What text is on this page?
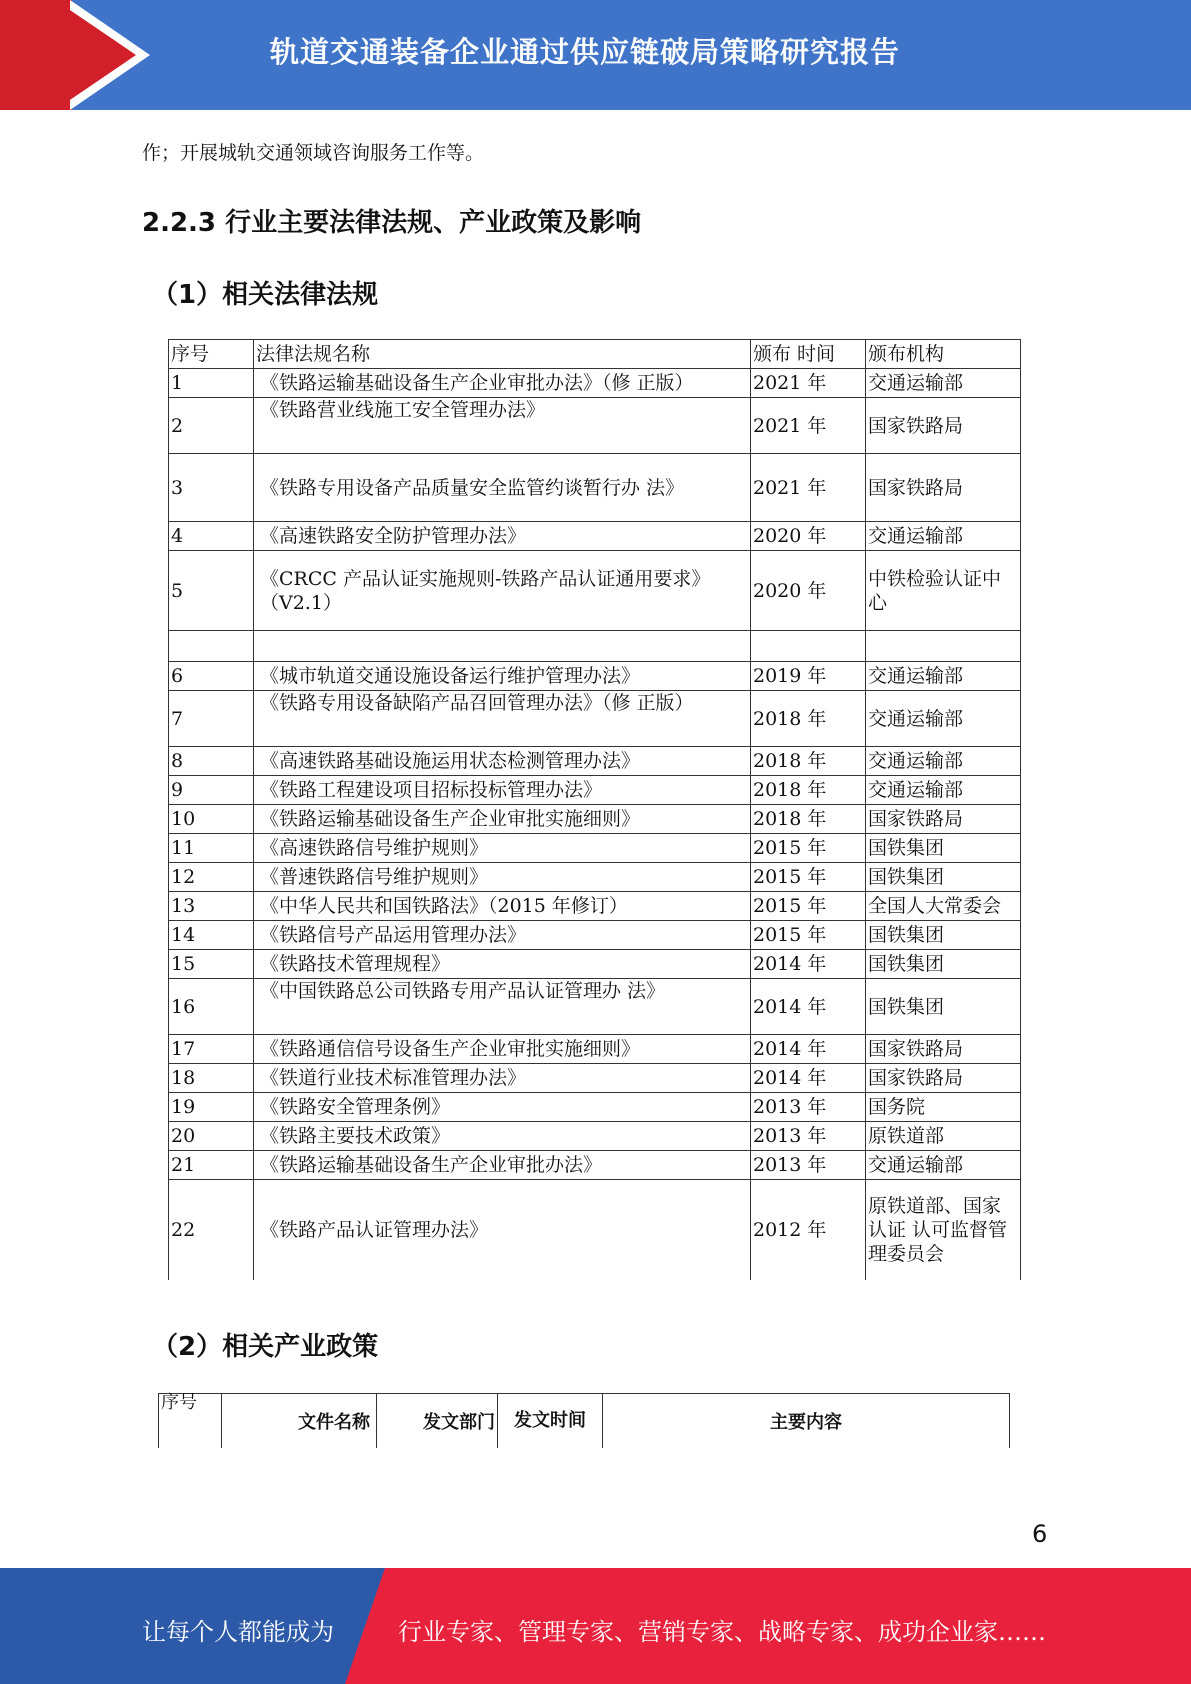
轨道交通装备企业通过供应链破局策略研究报告
作；开展城轨交通领域咨询服务工作等。
2.2.3 行业主要法律法规、产业政策及影响
（1）相关法律法规
序号	法律法规名称	颁布 时间	颁布机构
1	《铁路运输基础设备生产企业审批办法》（修 正版）	2021 年	交通运输部
2	《铁路营业线施工安全管理办法》	2021 年	国家铁路局
3	《铁路专用设备产品质量安全监管约谈暂行办 法》	2021 年	国家铁路局
4	《高速铁路安全防护管理办法》	2020 年	交通运输部
5	《CRCC 产品认证实施规则-铁路产品认证通用要求》（V2.1）	2020 年	中铁检验认证中心

6	《城市轨道交通设施设备运行维护管理办法》	2019 年	交通运输部
7	《铁路专用设备缺陷产品召回管理办法》（修 正版）	2018 年	交通运输部
8	《高速铁路基础设施运用状态检测管理办法》	2018 年	交通运输部
9	《铁路工程建设项目招标投标管理办法》	2018 年	交通运输部
10	《铁路运输基础设备生产企业审批实施细则》	2018 年	国家铁路局
11	《高速铁路信号维护规则》	2015 年	国铁集团
12	《普速铁路信号维护规则》	2015 年	国铁集团
13	《中华人民共和国铁路法》（2015 年修订）	2015 年	全国人大常委会
14	《铁路信号产品运用管理办法》	2015 年	国铁集团
15	《铁路技术管理规程》	2014 年	国铁集团
16	《中国铁路总公司铁路专用产品认证管理办 法》	2014 年	国铁集团
17	《铁路通信信号设备生产企业审批实施细则》	2014 年	国家铁路局
18	《铁道行业技术标准管理办法》	2014 年	国家铁路局
19	《铁路安全管理条例》	2013 年	国务院
20	《铁路主要技术政策》	2013 年	原铁道部
21	《铁路运输基础设备生产企业审批办法》	2013 年	交通运输部
22	《铁路产品认证管理办法》	2012 年	原铁道部、国家认证 认可监督管理委员会
（2）相关产业政策
序号	文件名称	发文部门	发文时间	主要内容
6
让每个人都能成为	行业专家、管理专家、营销专家、战略专家、成功企业家……
